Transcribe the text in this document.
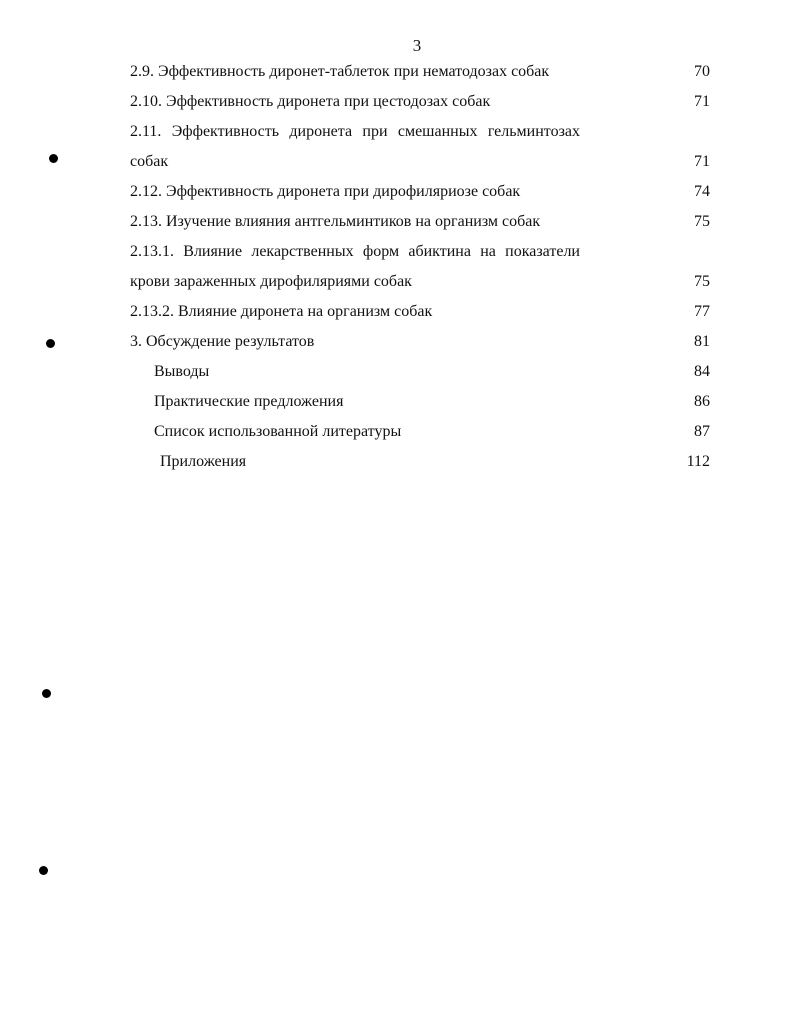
3
2.9. Эффективность диронет-таблеток при нематодозах собак	70
2.10. Эффективность диронета при цестодозах собак	71
2.11. Эффективность диронета при смешанных гельминтозах собак	71
2.12. Эффективность диронета при дирофиляриозе собак	74
2.13. Изучение влияния антгельминтиков на организм собак	75
2.13.1. Влияние лекарственных форм абиктина на показатели крови зараженных дирофиляриями собак	75
2.13.2. Влияние диронета на организм собак	77
3. Обсуждение результатов	81
Выводы	84
Практические предложения	86
Список использованной литературы	87
Приложения	112
